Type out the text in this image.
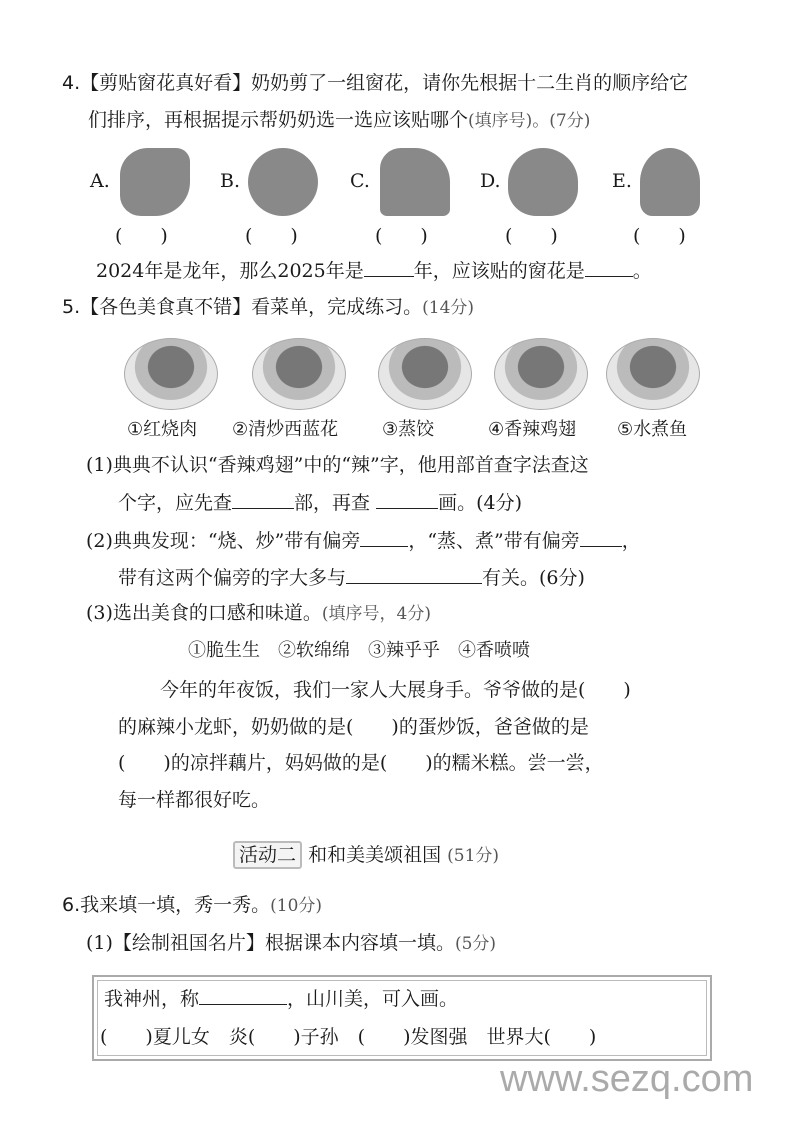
4.【剪贴窗花真好看】奶奶剪了一组窗花，请你先根据十二生肖的顺序给它
们排序，再根据提示帮奶奶选一选应该贴哪个(填序号)。(7分)
A.	B.	C.	D.	E.
(　　)	(　　)	(　　)	(　　)	(　　)
2024年是龙年，那么2025年是	年，应该贴的窗花是	。
5.【各色美食真不错】看菜单，完成练习。(14分)
①红烧肉 ②清炒西蓝花 ③蒸饺	④香辣鸡翅 ⑤水煮鱼
(1)典典不认识“香辣鸡翅”中的“辣”字，他用部首查字法查这
个字，应先查	部，再查	画。(4分)
(2)典典发现：“烧、炒”带有偏旁	，“蒸、煮”带有偏旁 ，
带有这两个偏旁的字大多与	有关。(6分)
(3)选出美食的口感和味道。(填序号，4分)
①脆生生　②软绵绵　③辣乎乎　④香喷喷
今年的年夜饭，我们一家人大展身手。爷爷做的是(　　)
的麻辣小龙虾，奶奶做的是(　　)的蛋炒饭，爸爸做的是
(　　)的凉拌藕片，妈妈做的是(　　)的糯米糕。尝一尝，
每一样都很好吃。
活动二 和和美美颂祖国 (51分)
6.我来填一填，秀一秀。(10分)
(1)【绘制祖国名片】根据课本内容填一填。(5分)
我神州，称	，山川美，可入画。
(　　)夏儿女　炎(　　)子孙　(　　)发图强　世界大(　　)
www.sezq.com
